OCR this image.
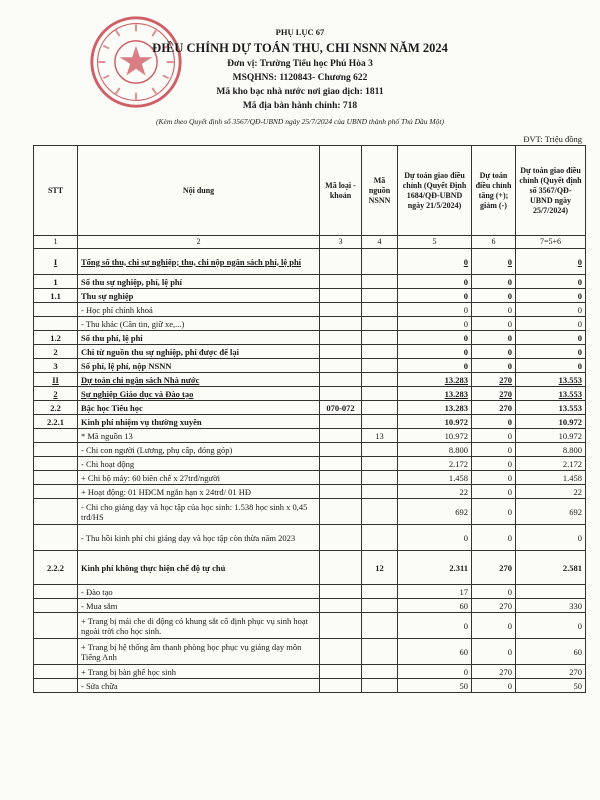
PHỤ LỤC 67
ĐIỀU CHỈNH DỰ TOÁN THU, CHI NSNN NĂM 2024
Đơn vị: Trường Tiểu học Phú Hòa 3
MSQHNS: 1120843- Chương 622
Mã kho bạc nhà nước nơi giao dịch: 1811
Mã địa bàn hành chính: 718
(Kèm theo Quyết định số 3567/QĐ-UBND ngày 25/7/2024 của UBND thành phố Thủ Dầu Một)
ĐVT: Triệu đồng
STT	Nội dung	Mã loại - khoản	Mã nguồn NSNN	Dự toán giao điều chỉnh (Quyết Định 1684/QĐ-UBND ngày 21/5/2024)	Dự toán điều chỉnh tăng (+); giảm (-)	Dự toán giao điều chỉnh (Quyết định số 3567/QĐ-UBND ngày 25/7/2024)
1	2	3	4	5	6	7=5+6
I	Tổng số thu, chi sự nghiệp; thu, chi nộp ngân sách phí, lệ phí			0	0	0
1	Số thu sự nghiệp, phí, lệ phí			0	0	0
1.1	Thu sự nghiệp			0	0	0
	- Học phí chính khoá			0	0	0
	- Thu khác (Căn tin, giữ xe,...)			0	0	0
1.2	Số thu phí, lệ phí			0	0	0
2	Chi từ nguồn thu sự nghiệp, phí được để lại			0	0	0
3	Số phí, lệ phí, nộp NSNN			0	0	0
II	Dự toán chi ngân sách Nhà nước			13.283	270	13.553
2	Sự nghiệp Giáo dục và Đào tạo			13.283	270	13.553
2.2	Bậc học Tiểu học	070-072		13.283	270	13.553
2.2.1	Kinh phí nhiệm vụ thường xuyên			10.972	0	10.972
	* Mã nguồn 13		13	10.972	0	10.972
	- Chi con người (Lương, phụ cấp, đóng góp)			8.800	0	8.800
	- Chi hoạt động			2.172	0	2.172
	+ Chi bộ máy: 60 biên chế x 27trđ/người			1.458	0	1.458
	+ Hoạt động: 01 HĐCM ngắn hạn x 24trđ/ 01 HĐ			22	0	22
	- Chi cho giảng dạy và học tập của học sinh: 1.538 học sinh x 0,45 trđ/HS			692	0	692
	- Thu hồi kinh phí chi giảng dạy và học tập còn thừa năm 2023			0	0	0
2.2.2	Kinh phí không thực hiện chế độ tự chủ		12	2.311	270	2.581
	- Đào tạo			17	0	
	- Mua sắm			60	270	330
	+ Trang bị mái che di động có khung sắt cố định phục vụ sinh hoạt ngoài trời cho học sinh.			0	0	0
	+ Trang bị hệ thống âm thanh phòng học phục vụ giảng dạy môn Tiếng Anh			60	0	60
	+ Trang bị bàn ghế học sinh			0	270	270
	- Sửa chữa			50	0	50
